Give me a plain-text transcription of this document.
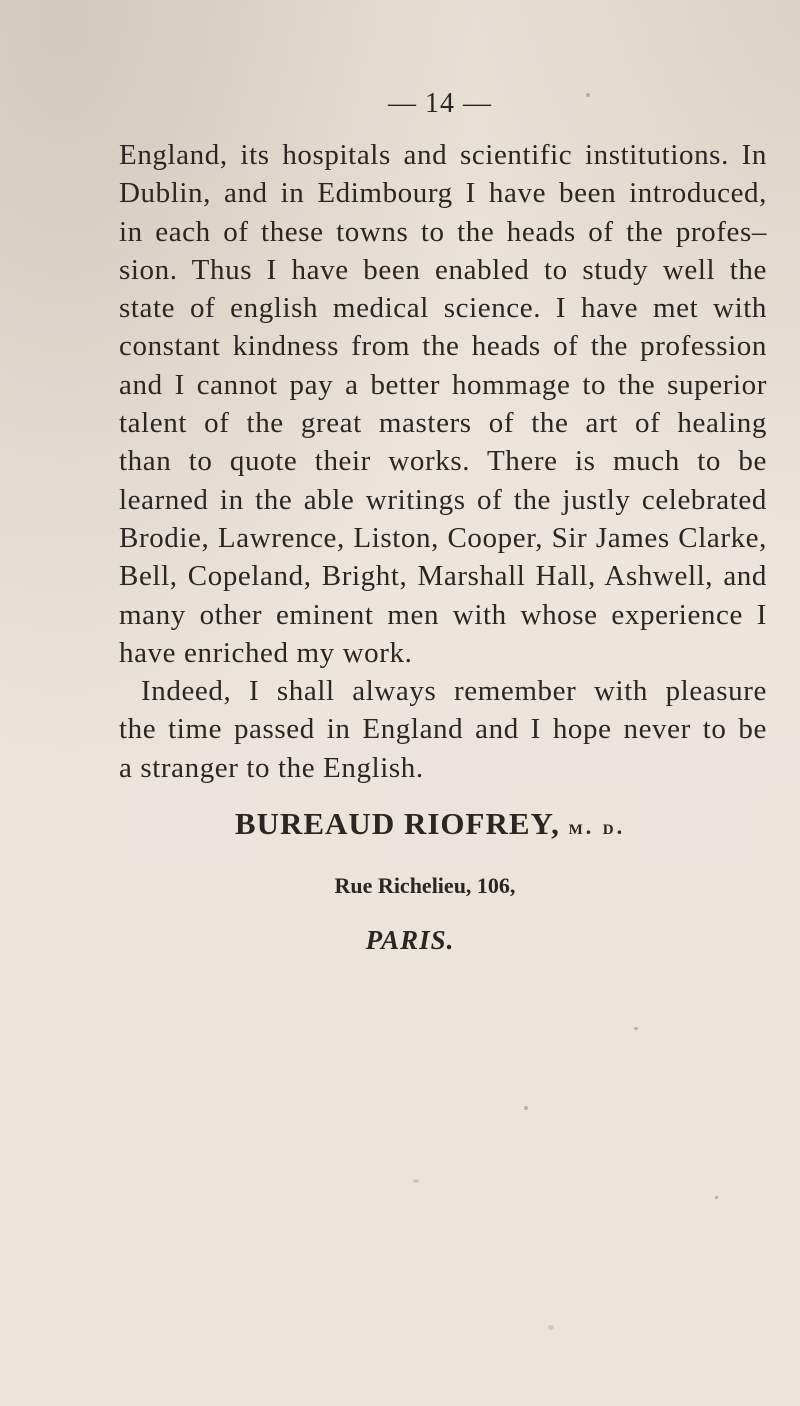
— 14 —
England, its hospitals and scientific institutions. In
Dublin, and in Edimbourg I have been introduced,
in each of these towns to the heads of the profes–
sion. Thus I have been enabled to study well the
state of english medical science. I have met with
constant kindness from the heads of the profession
and I cannot pay a better hommage to the superior
talent of the great masters of the art of healing
than to quote their works. There is much to be
learned in the able writings of the justly celebrated
Brodie, Lawrence, Liston, Cooper, Sir James Clarke,
Bell, Copeland, Bright, Marshall Hall, Ashwell, and
many other eminent men with whose experience I
have enriched my work.
Indeed, I shall always remember with pleasure
the time passed in England and I hope never to be
a stranger to the English.
BUREAUD RIOFREY, m. d.
Rue Richelieu, 106,
PARIS.
